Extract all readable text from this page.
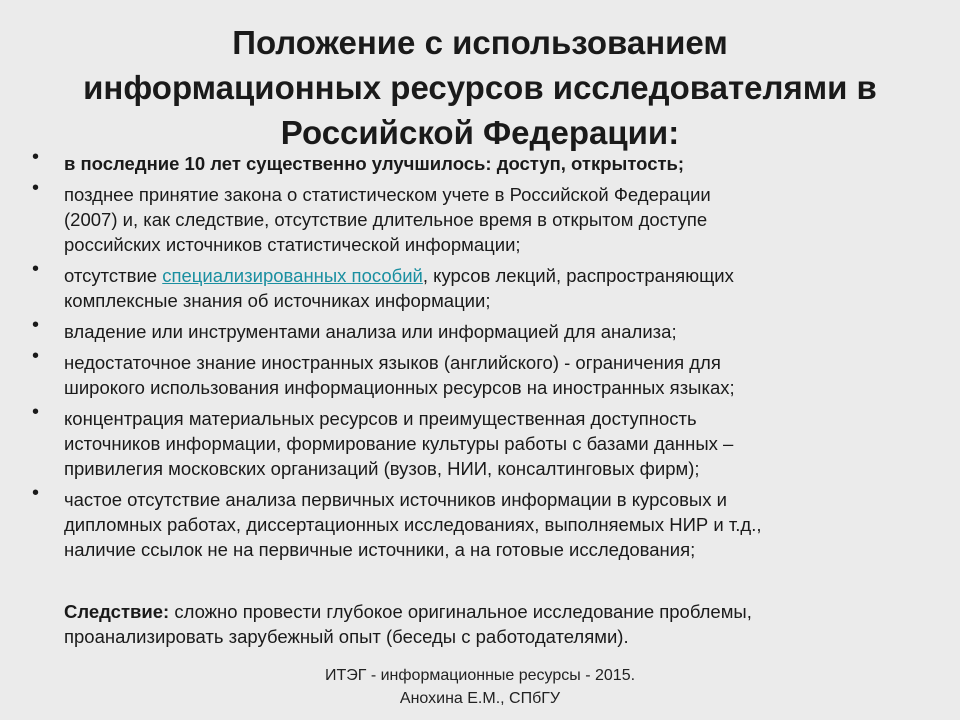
Положение с использованием
информационных ресурсов исследователями в
Российской Федерации:
• в последние 10 лет существенно улучшилось: доступ, открытость;
• позднее принятие закона о статистическом учете в Российской Федерации
(2007) и, как следствие, отсутствие длительное время в открытом доступе
российских источников статистической информации;
• отсутствие специализированных пособий, курсов лекций, распространяющих
комплексные знания об источниках информации;
• владение или инструментами анализа или информацией для анализа;
• недостаточное знание иностранных языков (английского) - ограничения для
широкого использования информационных ресурсов на иностранных языках;
• концентрация материальных ресурсов и преимущественная доступность
источников информации, формирование культуры работы с базами данных –
привилегия московских организаций (вузов, НИИ, консалтинговых фирм);
• частое отсутствие анализа первичных источников информации в курсовых и
дипломных работах, диссертационных исследованиях, выполняемых НИР и т.д.,
наличие ссылок не на первичные источники, а на готовые исследования;
Следствие: сложно провести глубокое оригинальное исследование проблемы,
проанализировать зарубежный опыт (беседы с работодателями).
ИТЭГ - информационные ресурсы - 2015.
Анохина Е.М., СПбГУ
